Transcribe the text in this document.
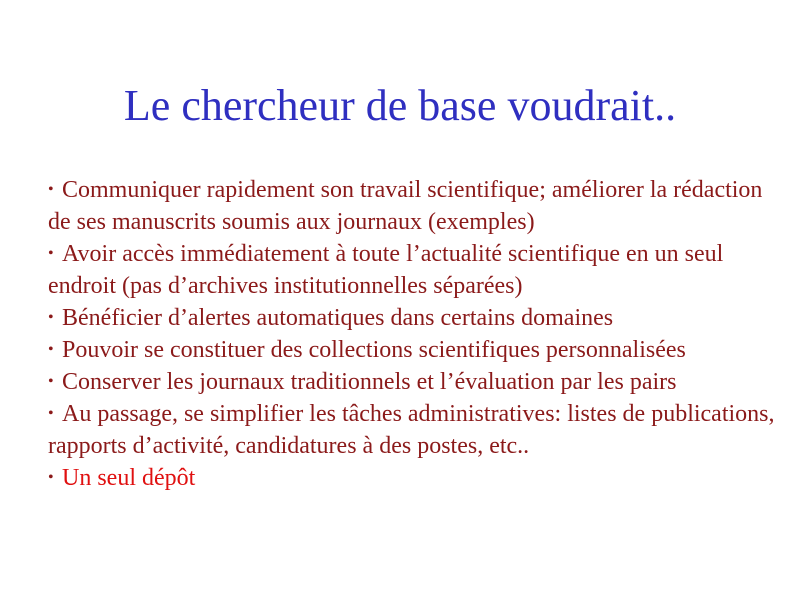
Le chercheur de base voudrait..
• Communiquer rapidement son travail scientifique; améliorer la rédaction de ses manuscrits soumis aux journaux (exemples)
• Avoir accès immédiatement à toute l’actualité scientifique en un seul endroit (pas d’archives institutionnelles séparées)
• Bénéficier d’alertes automatiques dans certains domaines
• Pouvoir se constituer des collections scientifiques personnalisées
• Conserver les journaux traditionnels et l’évaluation par les pairs
• Au passage, se simplifier les tâches administratives: listes de publications, rapports d’activité, candidatures à des postes, etc..
• Un seul dépôt
